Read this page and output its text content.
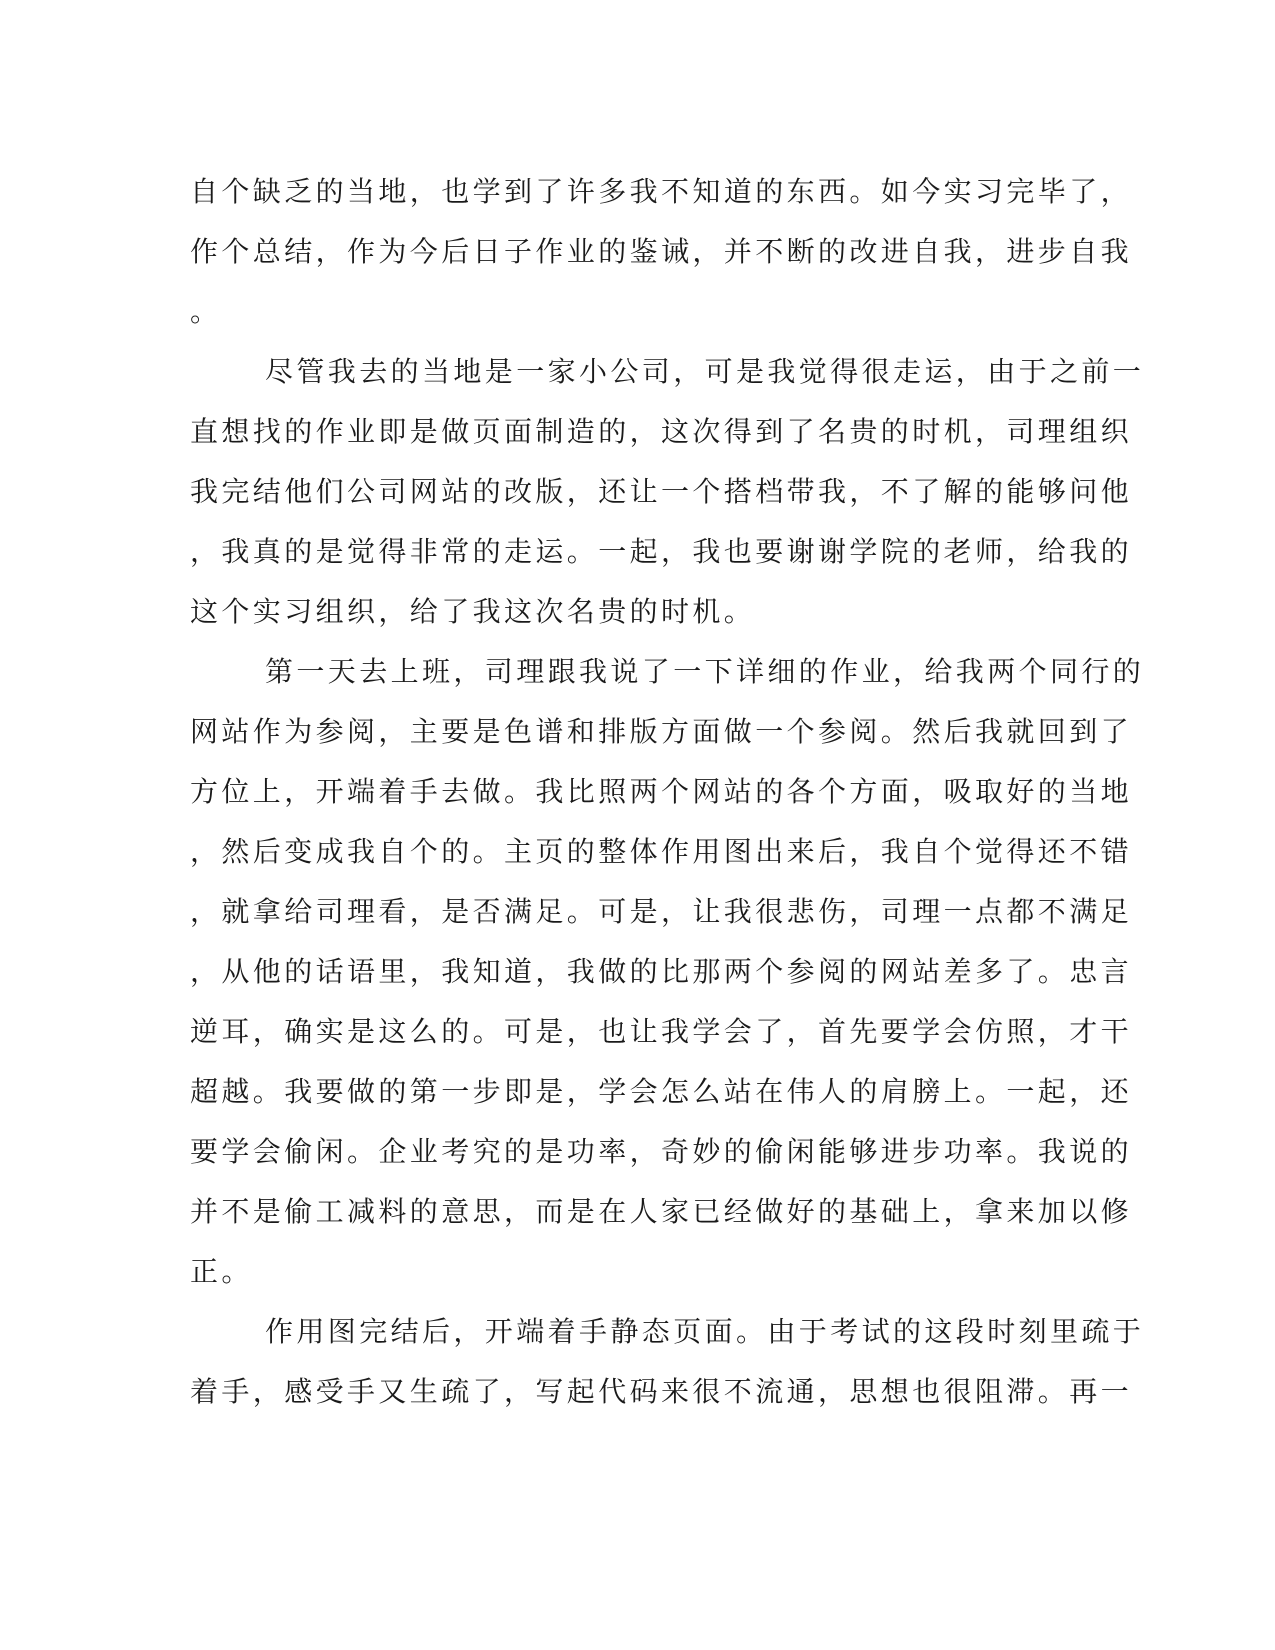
自个缺乏的当地，也学到了许多我不知道的东西。如今实习完毕了，
作个总结，作为今后日子作业的鉴诫，并不断的改进自我，进步自我
。
尽管我去的当地是一家小公司，可是我觉得很走运，由于之前一
直想找的作业即是做页面制造的，这次得到了名贵的时机，司理组织
我完结他们公司网站的改版，还让一个搭档带我，不了解的能够问他
，我真的是觉得非常的走运。一起，我也要谢谢学院的老师，给我的
这个实习组织，给了我这次名贵的时机。
第一天去上班，司理跟我说了一下详细的作业，给我两个同行的
网站作为参阅，主要是色谱和排版方面做一个参阅。然后我就回到了
方位上，开端着手去做。我比照两个网站的各个方面，吸取好的当地
，然后变成我自个的。主页的整体作用图出来后，我自个觉得还不错
，就拿给司理看，是否满足。可是，让我很悲伤，司理一点都不满足
，从他的话语里，我知道，我做的比那两个参阅的网站差多了。忠言
逆耳，确实是这么的。可是，也让我学会了，首先要学会仿照，才干
超越。我要做的第一步即是，学会怎么站在伟人的肩膀上。一起，还
要学会偷闲。企业考究的是功率，奇妙的偷闲能够进步功率。我说的
并不是偷工减料的意思，而是在人家已经做好的基础上，拿来加以修
正。
作用图完结后，开端着手静态页面。由于考试的这段时刻里疏于
着手，感受手又生疏了，写起代码来很不流通，思想也很阻滞。再一
